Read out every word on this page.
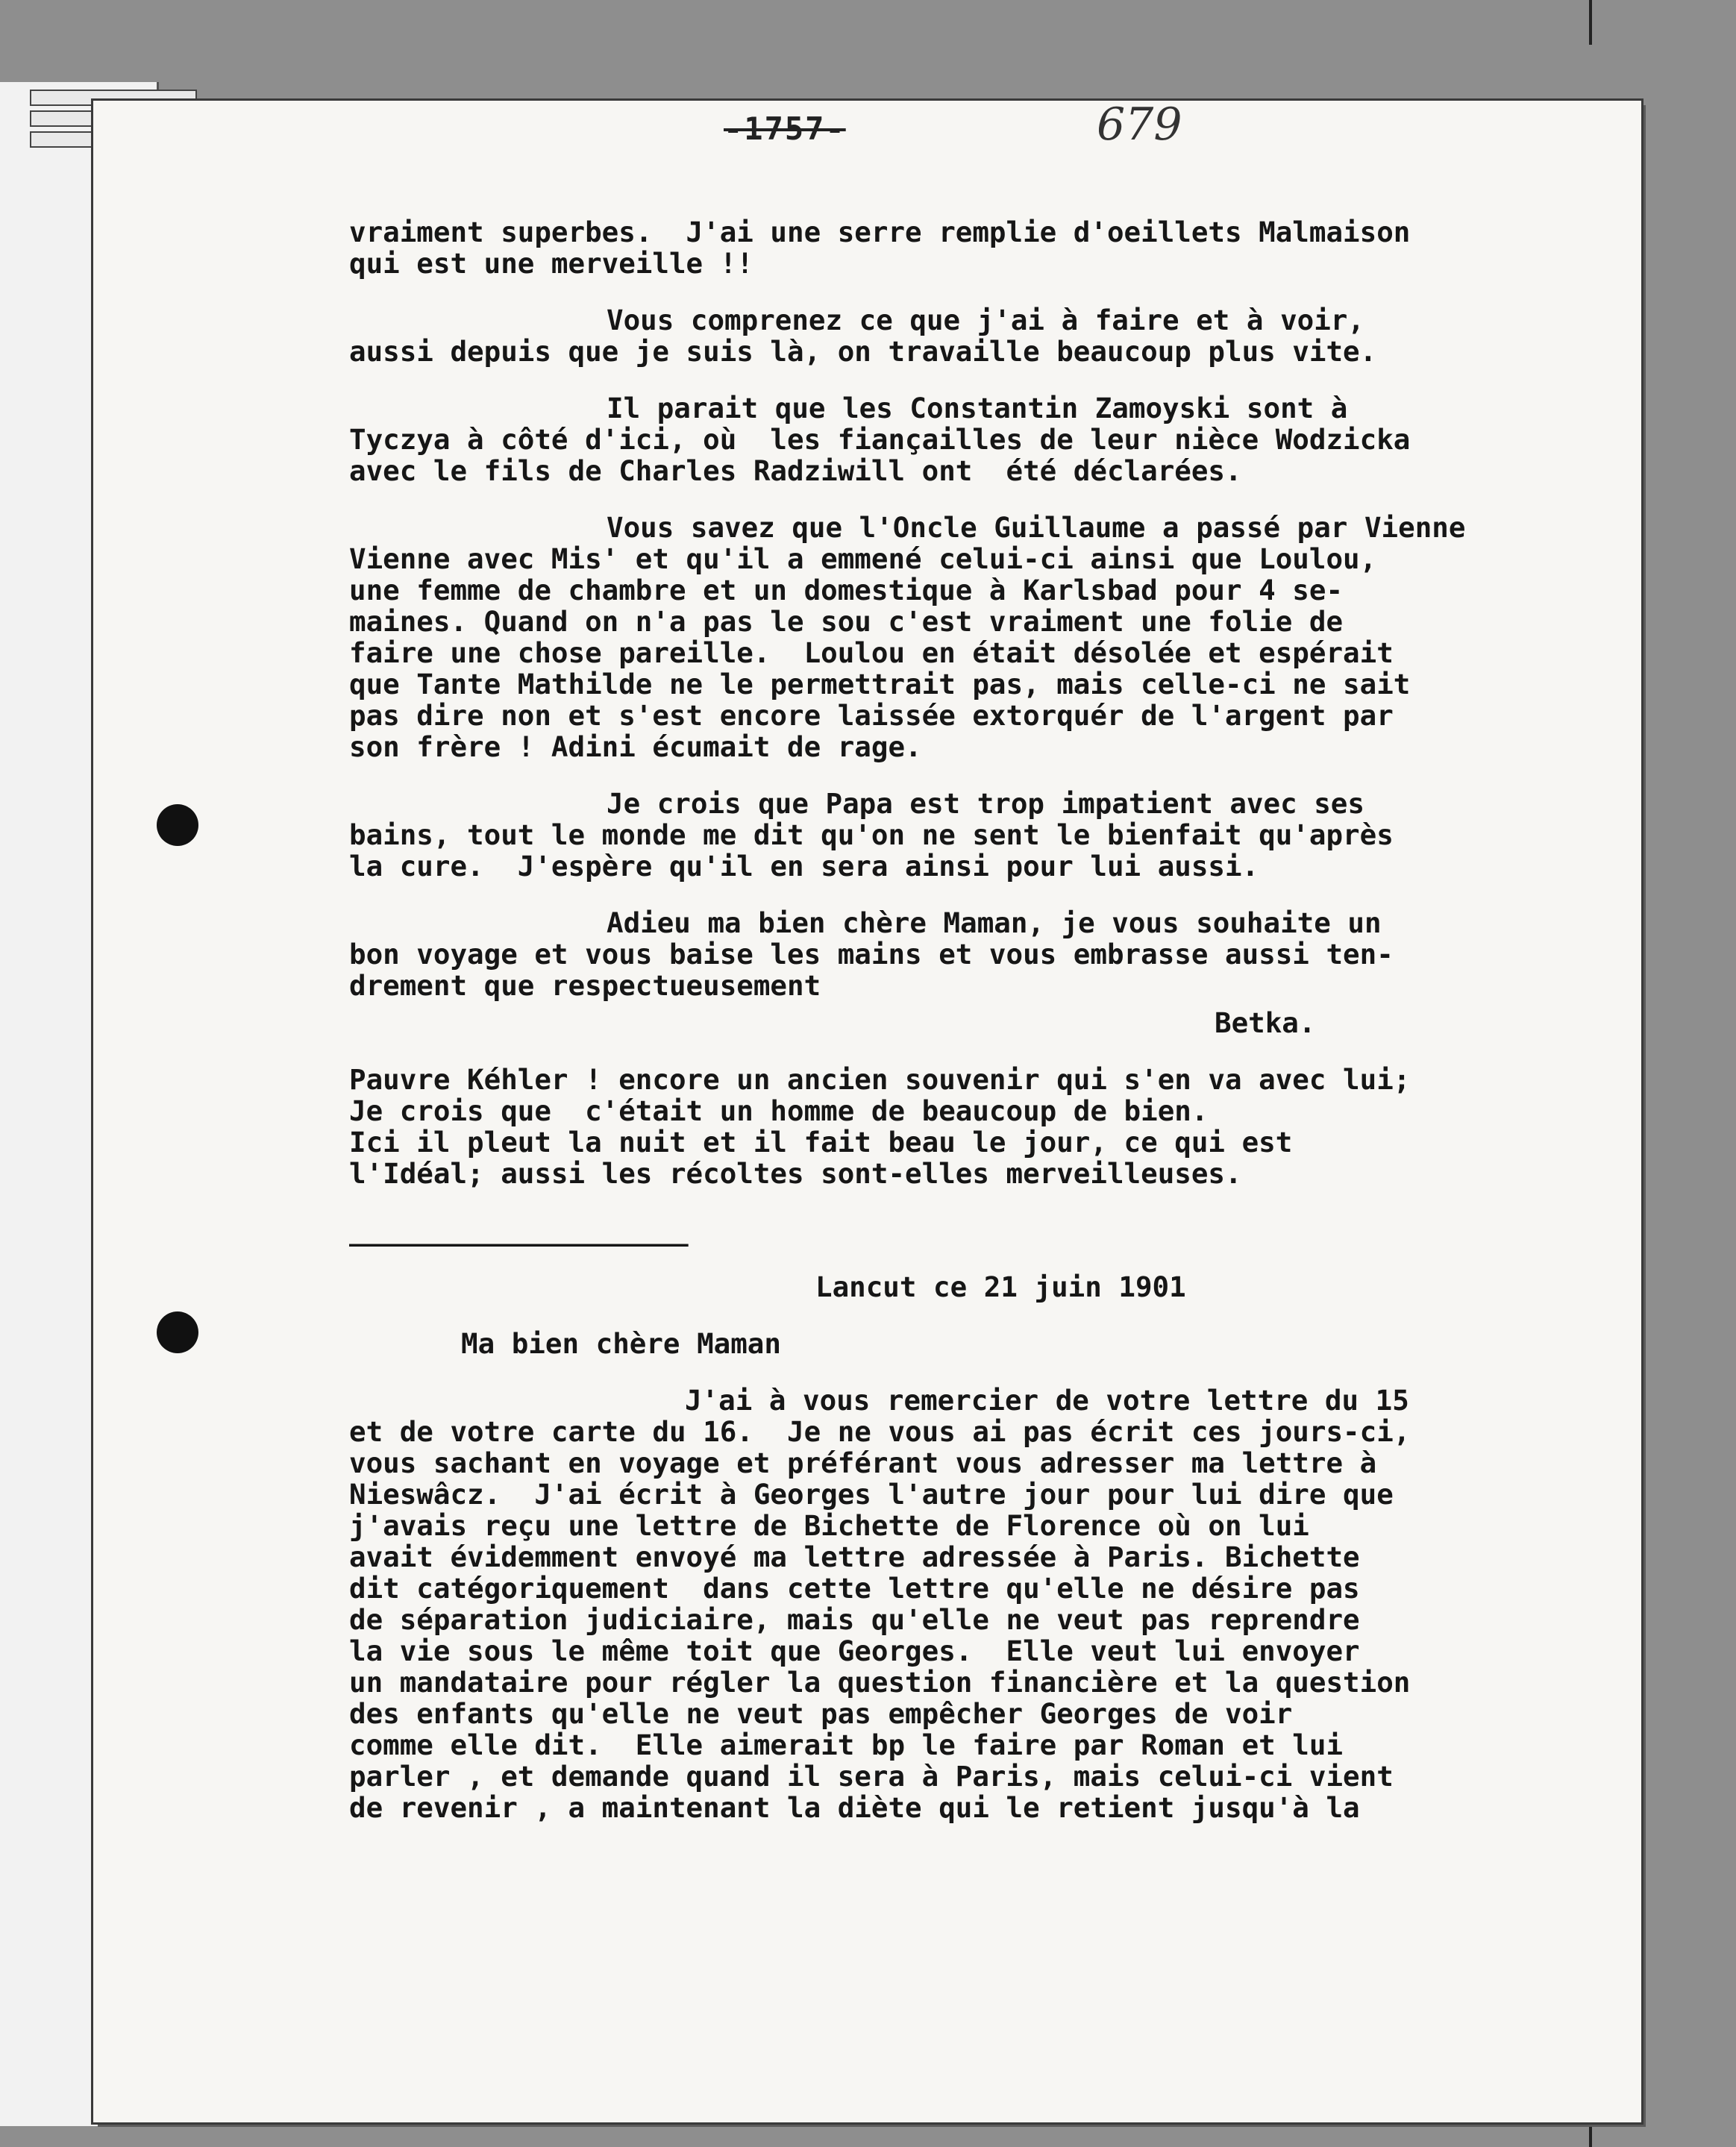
-1757-	679

vraiment superbes.  J'ai une serre remplie d'oeillets Malmaison
qui est une merveille !!

Vous comprenez ce que j'ai à faire et à voir,
aussi depuis que je suis là, on travaille beaucoup plus vite.

Il parait que les Constantin Zamoyski sont à
Tyczya à côté d'ici, où  les fiançailles de leur nièce Wodzicka
avec le fils de Charles Radziwill ont  été déclarées.

Vous savez que l'Oncle Guillaume a passé par Vienne
Vienne avec Mis' et qu'il a emmené celui-ci ainsi que Loulou,
une femme de chambre et un domestique à Karlsbad pour 4 se-
maines. Quand on n'a pas le sou c'est vraiment une folie de
faire une chose pareille.  Loulou en était désolée et espérait
que Tante Mathilde ne le permettrait pas, mais celle-ci ne sait
pas dire non et s'est encore laissée extorquér de l'argent par
son frère ! Adini écumait de rage.

Je crois que Papa est trop impatient avec ses
bains, tout le monde me dit qu'on ne sent le bienfait qu'après
la cure.  J'espère qu'il en sera ainsi pour lui aussi.

Adieu ma bien chère Maman, je vous souhaite un
bon voyage et vous baise les mains et vous embrasse aussi ten-
drement que respectueusement

Betka.

Pauvre Kéhler ! encore un ancien souvenir qui s'en va avec lui;
Je crois que  c'était un homme de beaucoup de bien.
Ici il pleut la nuit et il fait beau le jour, ce qui est
l'Idéal; aussi les récoltes sont-elles merveilleuses.

______________________

Lancut ce 21 juin 1901

Ma bien chère Maman

J'ai à vous remercier de votre lettre du 15
et de votre carte du 16.  Je ne vous ai pas écrit ces jours-ci,
vous sachant en voyage et préférant vous adresser ma lettre à
Nieswâcz.  J'ai écrit à Georges l'autre jour pour lui dire que
j'avais reçu une lettre de Bichette de Florence où on lui
avait évidemment envoyé ma lettre adressée à Paris. Bichette
dit catégoriquement  dans cette lettre qu'elle ne désire pas
de séparation judiciaire, mais qu'elle ne veut pas reprendre
la vie sous le même toit que Georges.  Elle veut lui envoyer
un mandataire pour régler la question financière et la question
des enfants qu'elle ne veut pas empêcher Georges de voir
comme elle dit.  Elle aimerait bp le faire par Roman et lui
parler , et demande quand il sera à Paris, mais celui-ci vient
de revenir , a maintenant la diète qui le retient jusqu'à la
